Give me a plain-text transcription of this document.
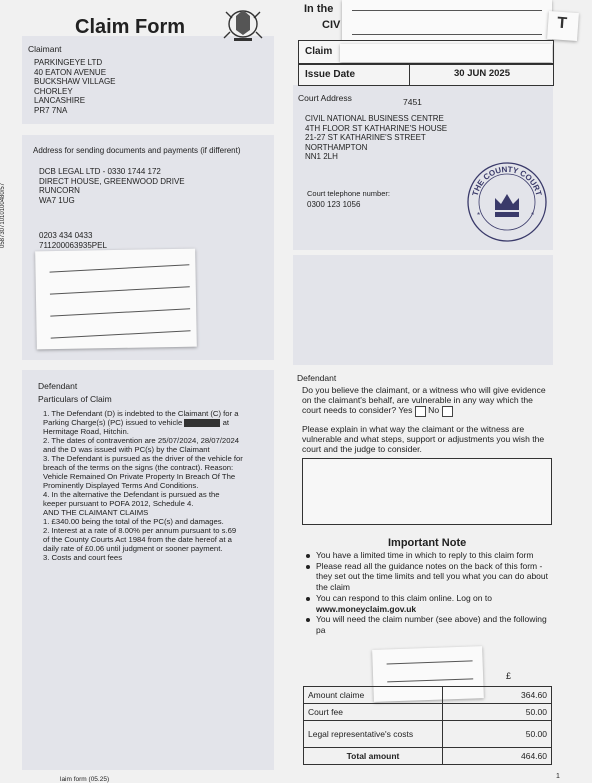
Claim Form
Claimant
PARKINGEYE LTD
40 EATON AVENUE
BUCKSHAW VILLAGE
CHORLEY
LANCASHIRE
PR7 7NA
05873071010100480/57
Address for sending documents and payments (if different)
DCB LEGAL LTD - 0330 1744 172
DIRECT HOUSE, GREENWOOD DRIVE
RUNCORN
WA7 1UG
0203 434 0433
711200063935PEL
In the
CIV	T
Claim
Issue Date	30 JUN 2025
Court Address	7451
CIVIL NATIONAL BUSINESS CENTRE
4TH FLOOR ST KATHARINE'S HOUSE
21-27 ST KATHARINE'S STREET
NORTHAMPTON
NN1 2LH
Court telephone number:
0300 123 1056
THE COUNTY COURT
*	*
Defendant
Particulars of Claim
1. The Defendant (D) is indebted to the Claimant (C) for a Parking Charge(s) (PC) issued to vehicle	at Hermitage Road, Hitchin.
2. The dates of contravention are 25/07/2024, 28/07/2024 and the D was issued with PC(s) by the Claimant
3. The Defendant is pursued as the driver of the vehicle for breach of the terms on the signs (the contract). Reason: Vehicle Remained On Private Property In Breach Of The Prominently Displayed Terms And Conditions.
4. In the alternative the Defendant is pursued as the keeper pursuant to POFA 2012, Schedule 4.
AND THE CLAIMANT CLAIMS
1. £340.00 being the total of the PC(s) and damages.
2. Interest at a rate of 8.00% per annum pursuant to s.69 of the County Courts Act 1984 from the date hereof at a daily rate of £0.06 until judgment or sooner payment.
3. Costs and court fees
Defendant
Do you believe the claimant, or a witness who will give evidence on the claimant's behalf, are vulnerable in any way which the court needs to consider? Yes No
Please explain in what way the claimant or the witness are vulnerable and what steps, support or adjustments you wish the court and the judge to consider.
Important Note
You have a limited time in which to reply to this claim form
Please read all the guidance notes on the back of this form - they set out the time limits and tell you what you can do about the claim
You can respond to this claim online. Log on to
www.moneyclaim.gov.uk
You will need the claim number (see above) and the following pa
£
Amount claime	364.60
Court fee	50.00
Legal representative's costs	50.00
Total amount	464.60
laim form (05.25)	1
